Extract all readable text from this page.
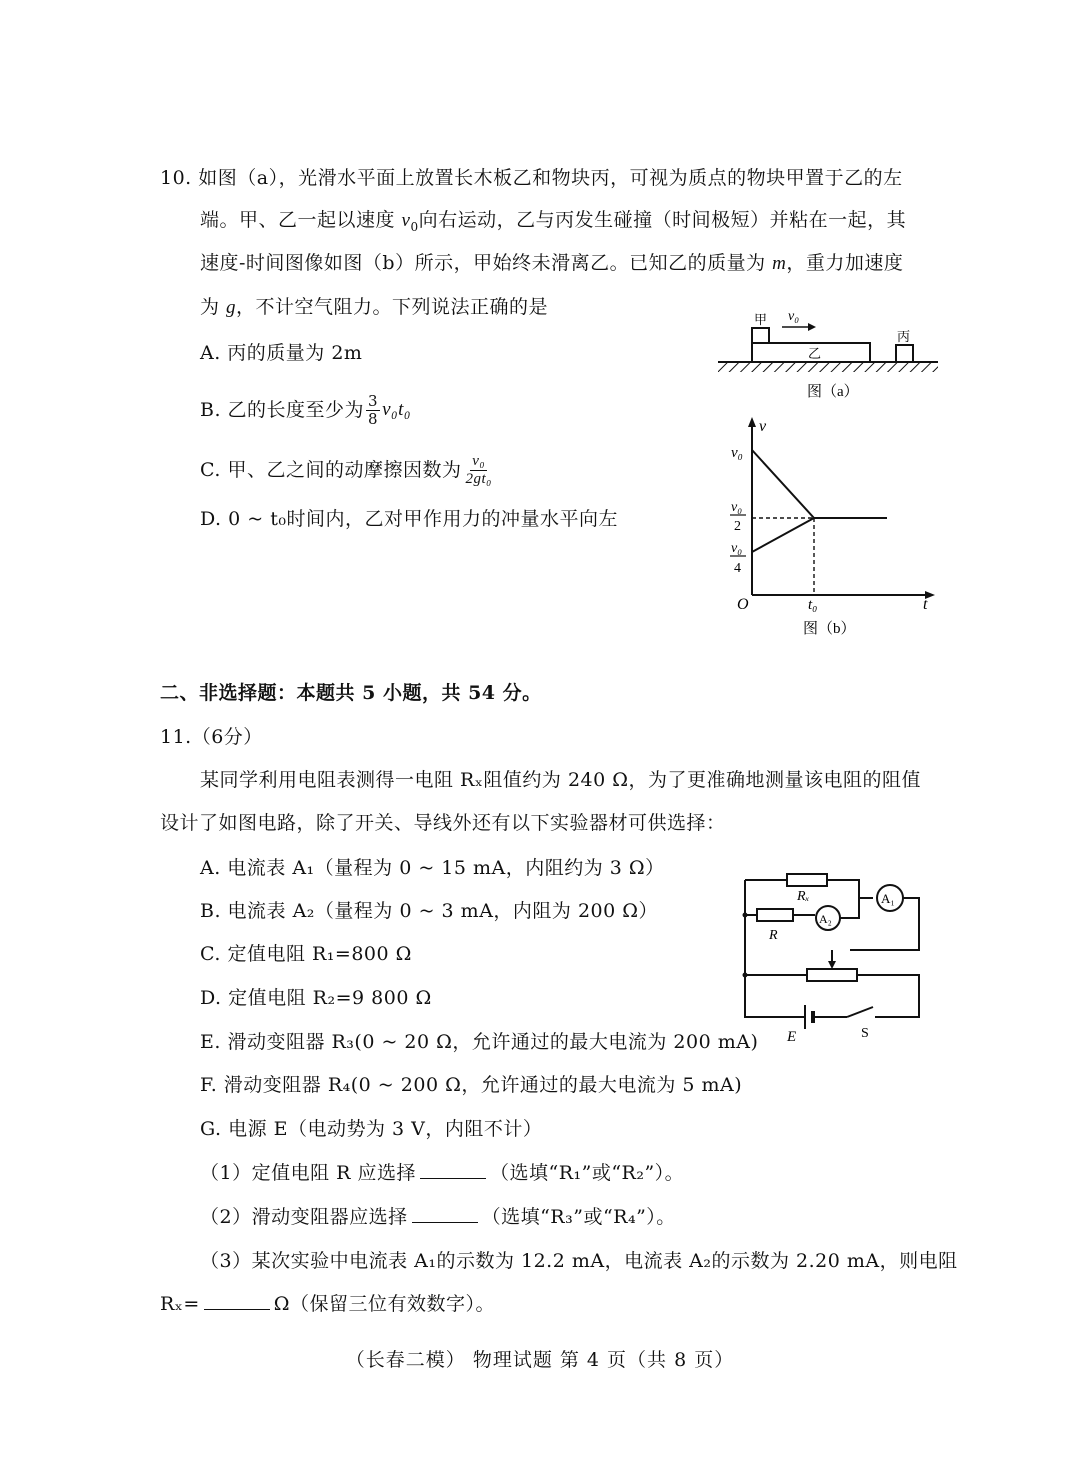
10. 如图（a），光滑水平面上放置长木板乙和物块丙，可视为质点的物块甲置于乙的左
端。甲、乙一起以速度 $v_0$向右运动，乙与丙发生碰撞（时间极短）并粘在一起，其
速度-时间图像如图（b）所示，甲始终未滑离乙。已知乙的质量为 m，重力加速度
为 g，不计空气阻力。下列说法正确的是
A. 丙的质量为 2m
B. 乙的长度至少为 $\frac{3}{8} v_0t_0$
C. 甲、乙之间的动摩擦因数为 $\frac{\text{v₀}}{\text{2gt₀}}$
D. 0 ~ t₀时间内，乙对甲作用力的冲量水平向左
甲 v₀
乙
丙
图（a）
v
t
O	t₀
v₀
v₀
2
v₀
4
图（b）
二、非选择题：本题共 5 小题，共 54 分。
11.（6分）
某同学利用电阻表测得一电阻 Rₓ阻值约为 240 Ω，为了更准确地测量该电阻的阻值
设计了如图电路，除了开关、导线外还有以下实验器材可供选择：
A. 电流表 A₁（量程为 0 ~ 15 mA，内阻约为 3 Ω）
B. 电流表 A₂（量程为 0 ~ 3 mA，内阻为 200 Ω）
C. 定值电阻 R₁=800 Ω
D. 定值电阻 R₂=9 800 Ω
E. 滑动变阻器 R₃(0 ~ 20 Ω，允许通过的最大电流为 200 mA)
F. 滑动变阻器 R₄(0 ~ 200 Ω，允许通过的最大电流为 5 mA)
G. 电源 E（电动势为 3 V，内阻不计）
（1）定值电阻 R 应选择	（选填“R₁”或“R₂”）。
（2）滑动变阻器应选择	（选填“R₃”或“R₄”）。
（3）某次实验中电流表 A₁的示数为 12.2 mA，电流表 A₂的示数为 2.20 mA，则电阻
Rₓ=	Ω（保留三位有效数字）。
Rₓ
R
A₁
A₂
E	S
（长春二模） 物理试题 第 4 页（共 8 页）
